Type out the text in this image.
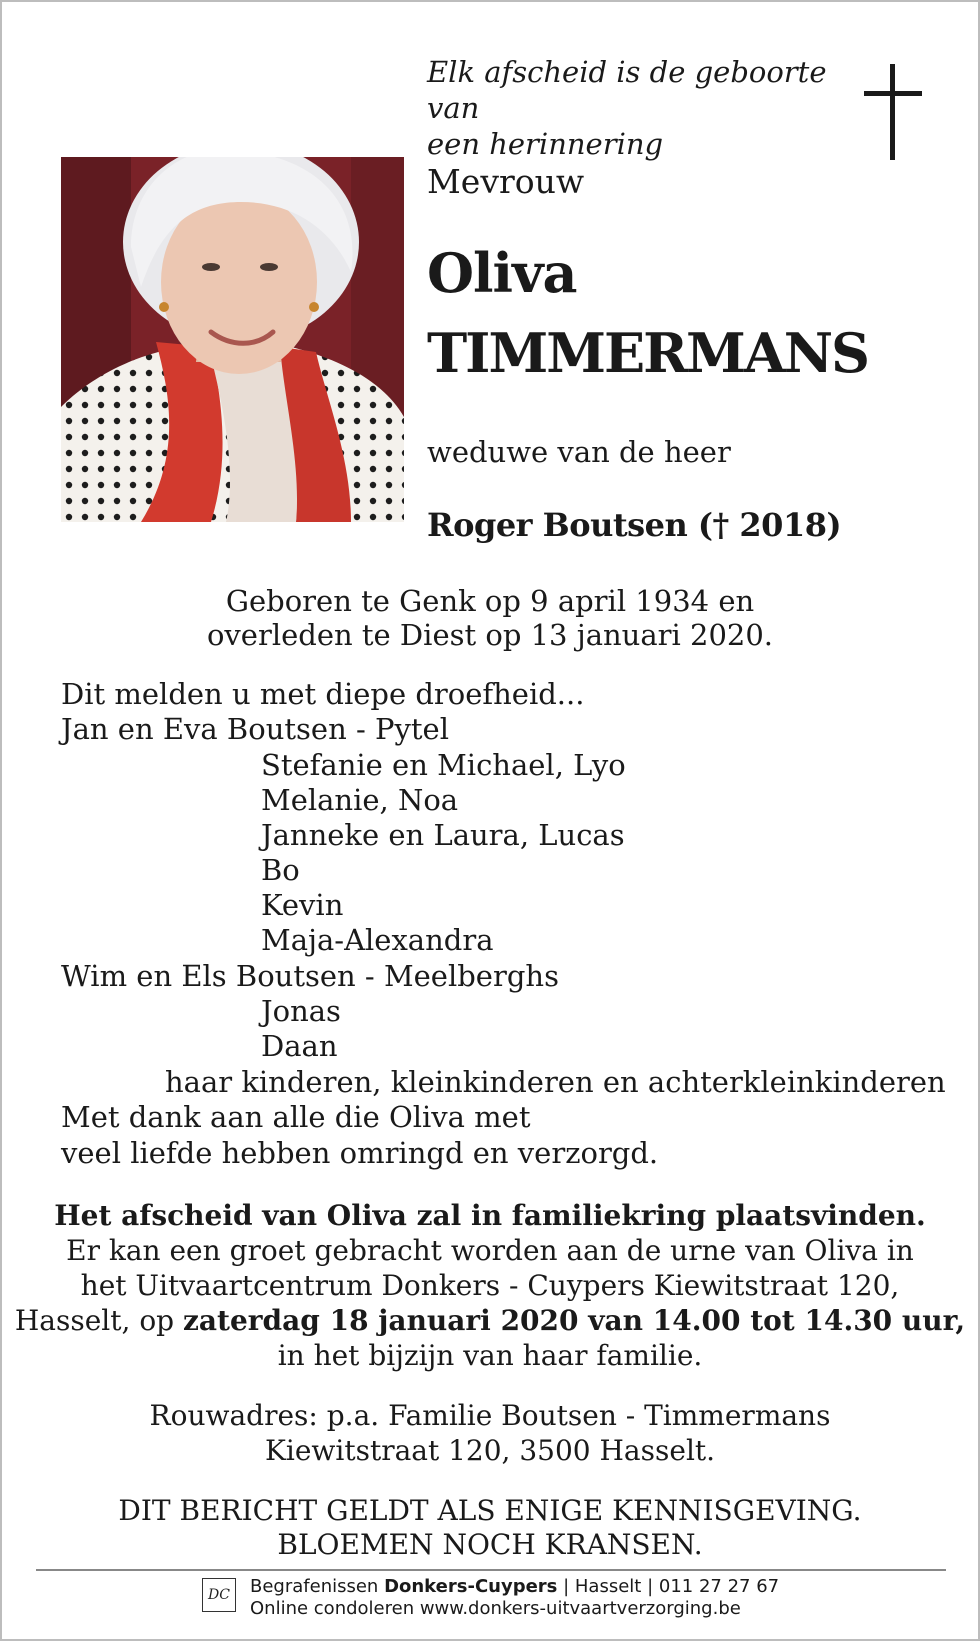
Elk afscheid is de geboorte van
een herinnering
Mevrouw
Oliva
TIMMERMANS
weduwe van de heer
Roger Boutsen († 2018)
Geboren te Genk op 9 april 1934 en
overleden te Diest op 13 januari 2020.
Dit melden u met diepe droefheid...
Jan en Eva Boutsen - Pytel
Stefanie en Michael, Lyo
Melanie, Noa
Janneke en Laura, Lucas
Bo
Kevin
Maja-Alexandra
Wim en Els Boutsen - Meelberghs
Jonas
Daan
haar kinderen, kleinkinderen en achterkleinkinderen
Met dank aan alle die Oliva met
veel liefde hebben omringd en verzorgd.
Het afscheid van Oliva zal in familiekring plaatsvinden.
Er kan een groet gebracht worden aan de urne van Oliva in
het Uitvaartcentrum Donkers - Cuypers Kiewitstraat 120,
Hasselt, op zaterdag 18 januari 2020 van 14.00 tot 14.30 uur,
in het bijzijn van haar familie.
Rouwadres: p.a. Familie Boutsen - Timmermans
Kiewitstraat 120, 3500 Hasselt.
DIT BERICHT GELDT ALS ENIGE KENNISGEVING.
BLOEMEN NOCH KRANSEN.
DC	Begrafenissen Donkers-Cuypers | Hasselt | 011 27 27 67
Online condoleren www.donkers-uitvaartverzorging.be
